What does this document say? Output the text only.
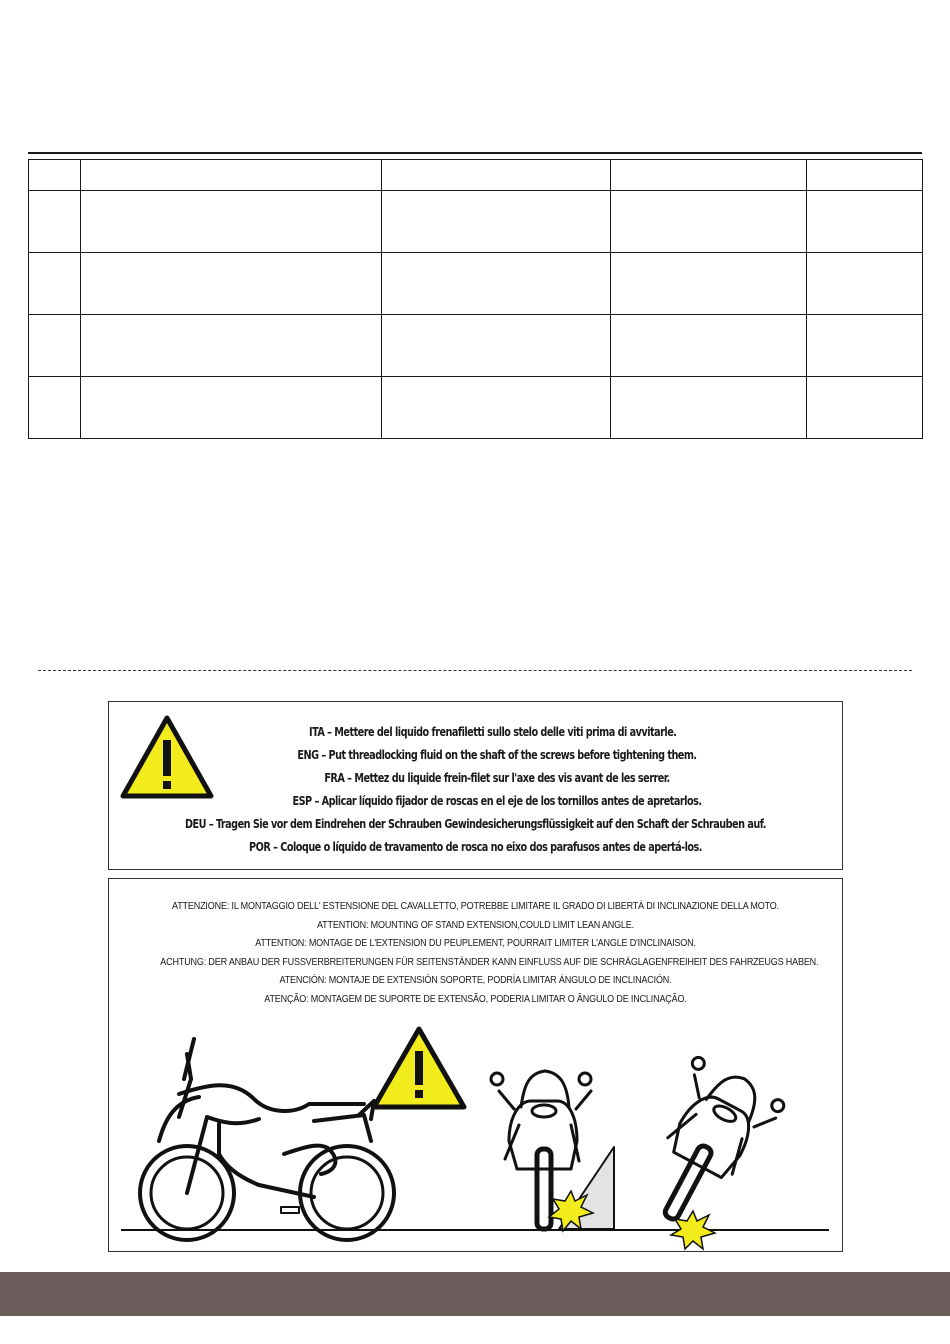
ITA – Mettere del liquido frenafiletti sullo stelo delle viti prima di avvitarle.
ENG – Put threadlocking fluid on the shaft of the screws before tightening them.
FRA – Mettez du liquide frein-filet sur l'axe des vis avant de les serrer.
ESP – Aplicar líquido fijador de roscas en el eje de los tornillos antes de apretarlos.
DEU – Tragen Sie vor dem Eindrehen der Schrauben Gewindesicherungsflüssigkeit auf den Schaft der Schrauben auf.
POR – Coloque o líquido de travamento de rosca no eixo dos parafusos antes de apertá-los.
ATTENZIONE: IL MONTAGGIO DELL' ESTENSIONE DEL CAVALLETTO, POTREBBE LIMITARE IL GRADO DI LIBERTÀ DI INCLINAZIONE DELLA MOTO.
ATTENTION: MOUNTING OF STAND EXTENSION,COULD LIMIT LEAN ANGLE.
ATTENTION: MONTAGE DE L'EXTENSION DU PEUPLEMENT, POURRAIT LIMITER L'ANGLE D'INCLINAISON.
ACHTUNG: DER ANBAU DER FUSSVERBREITERUNGEN FÜR SEITENSTÄNDER KANN EINFLUSS AUF DIE SCHRÄGLAGENFREIHEIT DES FAHRZEUGS HABEN.
ATENCIÓN: MONTAJE DE EXTENSIÓN SOPORTE, PODRÍA LIMITAR ÁNGULO DE INCLINACIÓN.
ATENÇÃO: MONTAGEM DE SUPORTE DE EXTENSÃO, PODERIA LIMITAR O ÂNGULO DE INCLINAÇÃO.
